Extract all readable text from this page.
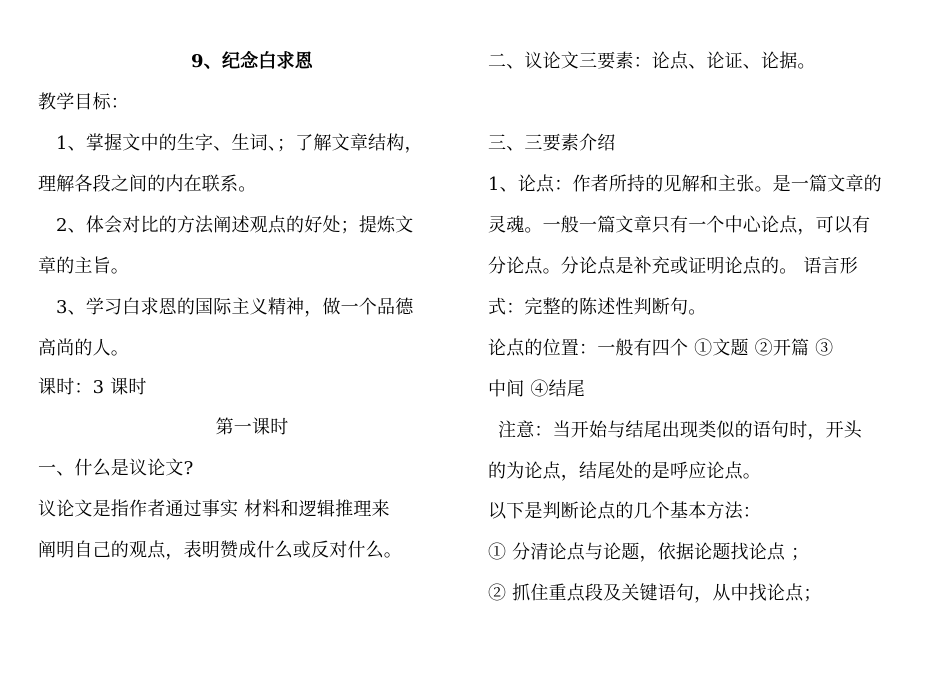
9、纪念白求恩
教学目标：
1、掌握文中的生字、生词、；了解文章结构，
理解各段之间的内在联系。
2、体会对比的方法阐述观点的好处；提炼文
章的主旨。
3、学习白求恩的国际主义精神，做一个品德
高尚的人。
课时：3 课时
第一课时
一、什么是议论文?
议论文是指作者通过事实 材料和逻辑推理来
阐明自己的观点，表明赞成什么或反对什么。
二、议论文三要素：论点、论证、论据。
三、三要素介绍
1、论点：作者所持的见解和主张。是一篇文章的
灵魂。一般一篇文章只有一个中心论点，可以有
分论点。分论点是补充或证明论点的。 语言形
式：完整的陈述性判断句。
论点的位置：一般有四个 ①文题 ②开篇 ③
中间 ④结尾
注意：当开始与结尾出现类似的语句时，开头
的为论点，结尾处的是呼应论点。
以下是判断论点的几个基本方法：
① 分清论点与论题，依据论题找论点 ；
② 抓住重点段及关键语句，从中找论点；
